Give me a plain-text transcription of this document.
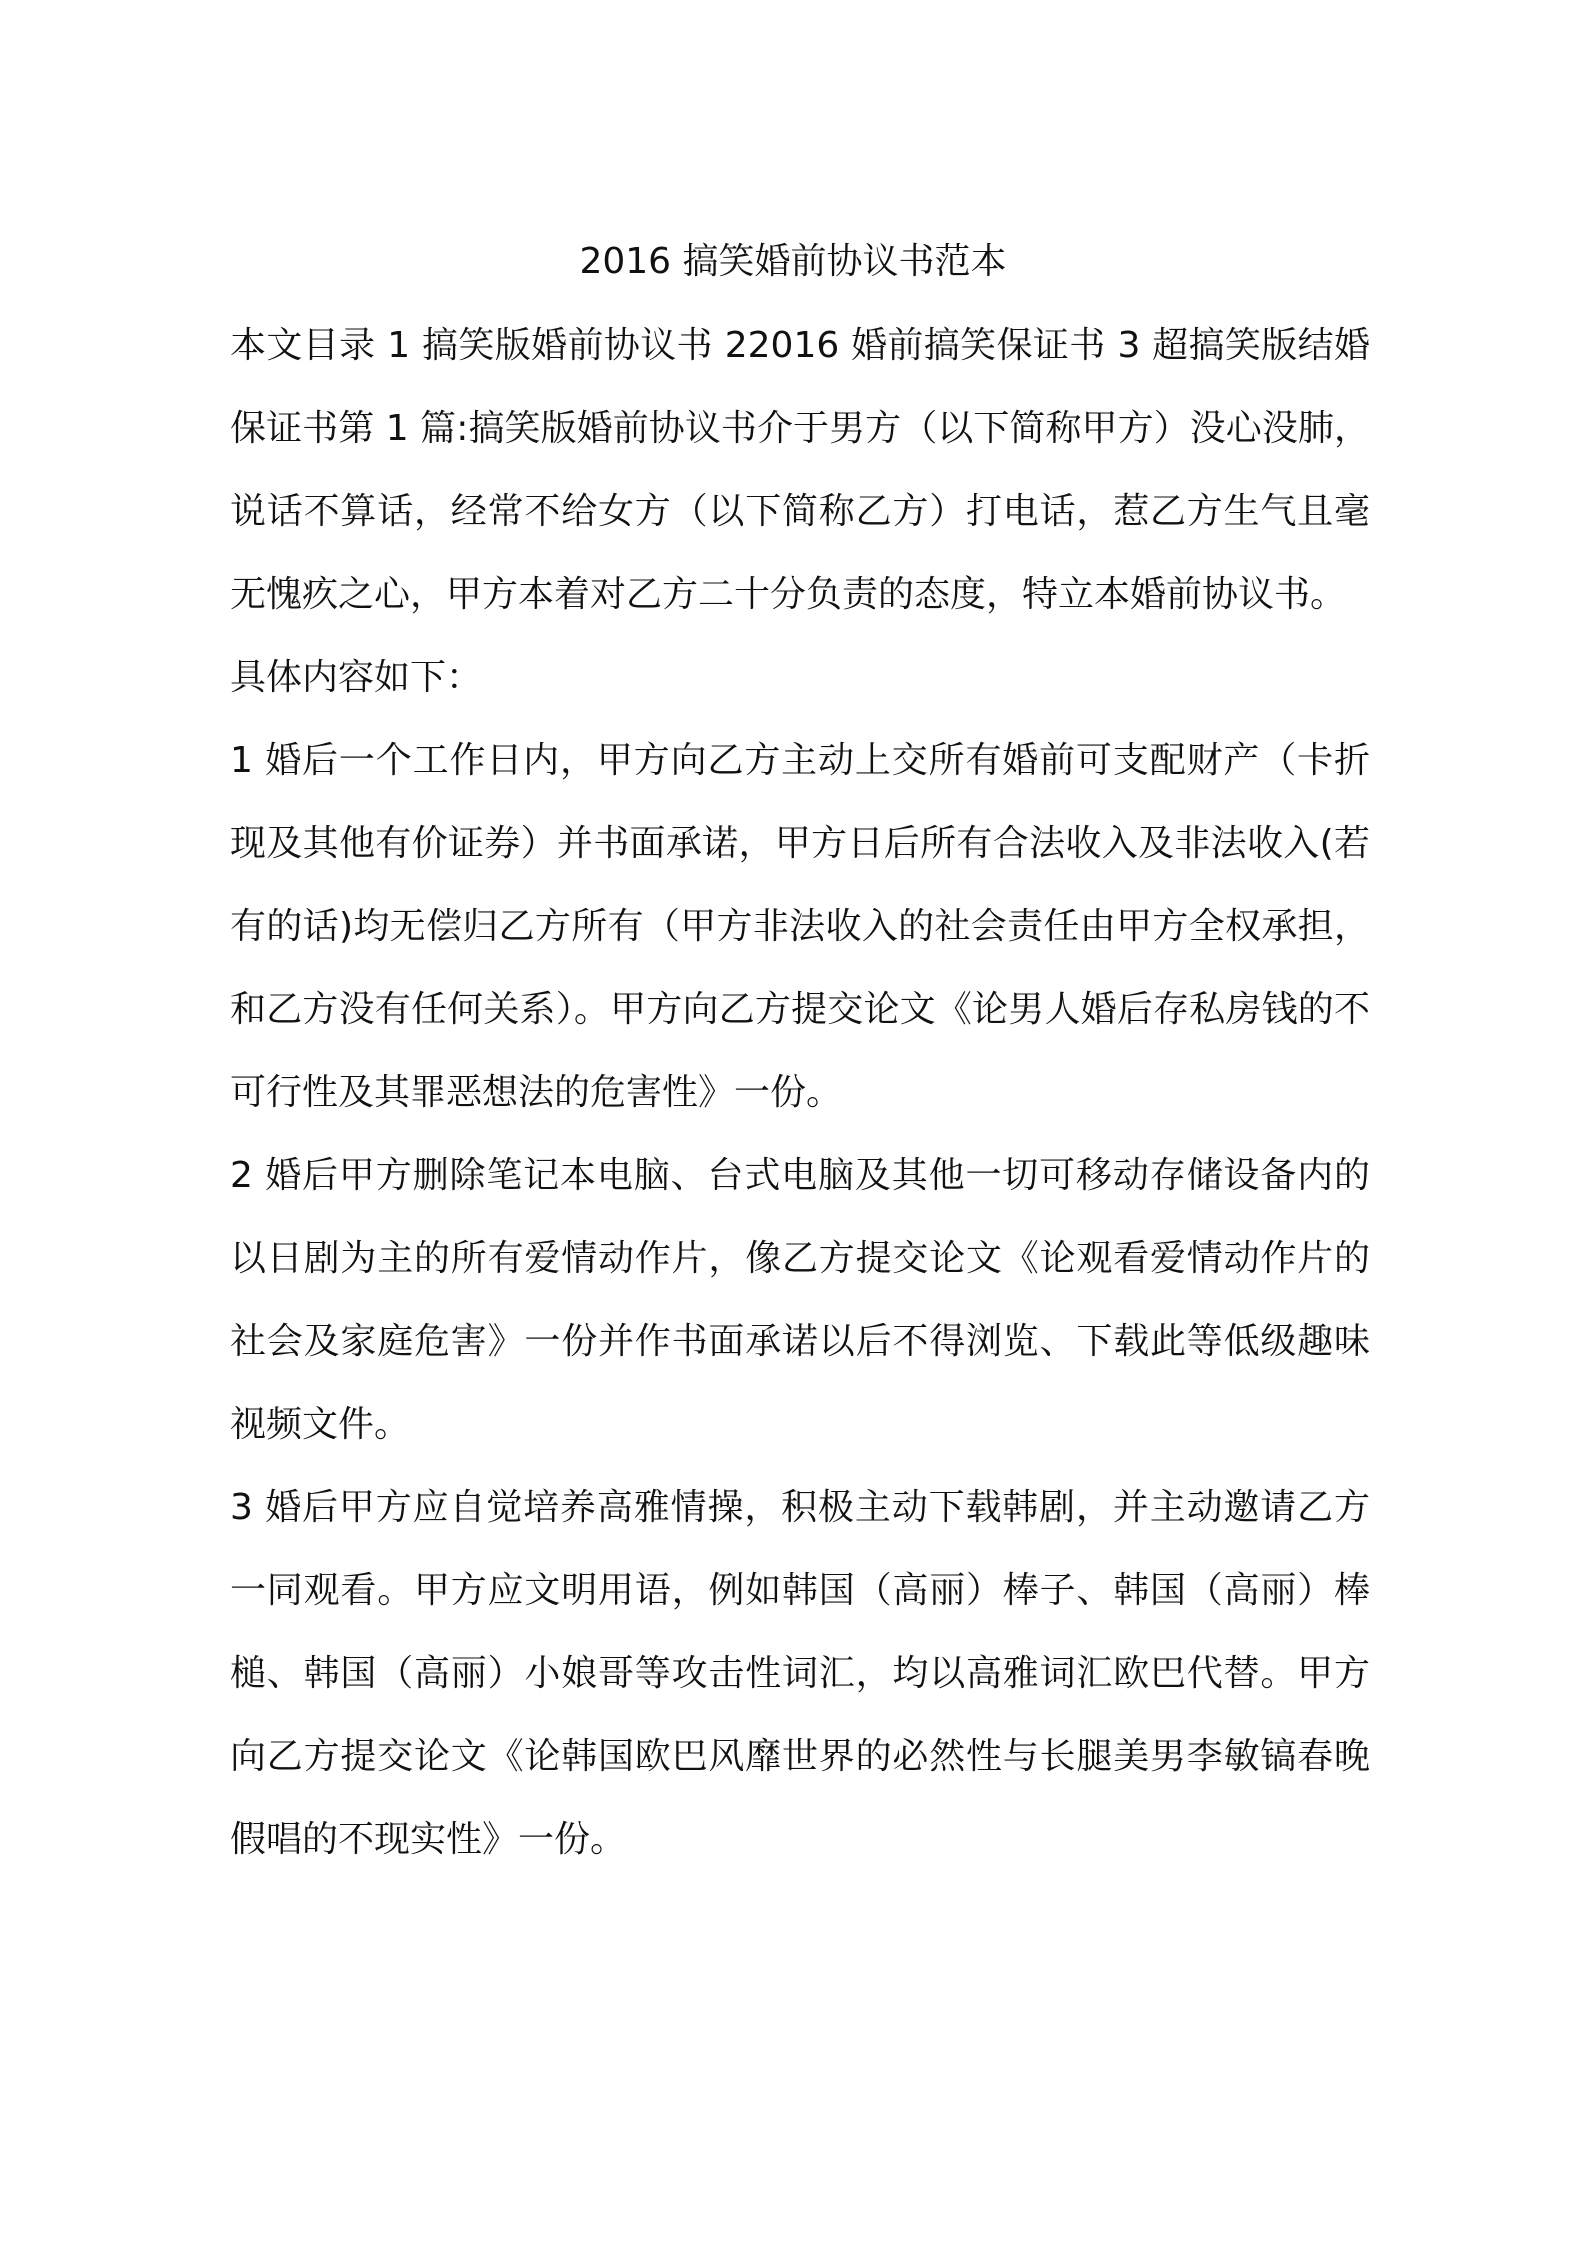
2016 搞笑婚前协议书范本

本文目录 1 搞笑版婚前协议书 22016 婚前搞笑保证书 3 超搞笑版结婚保证书第 1 篇:搞笑版婚前协议书介于男方（以下简称甲方）没心没肺，说话不算话，经常不给女方（以下简称乙方）打电话，惹乙方生气且毫无愧疚之心，甲方本着对乙方二十分负责的态度，特立本婚前协议书。

具体内容如下：

1 婚后一个工作日内，甲方向乙方主动上交所有婚前可支配财产（卡折现及其他有价证券）并书面承诺，甲方日后所有合法收入及非法收入(若有的话)均无偿归乙方所有（甲方非法收入的社会责任由甲方全权承担，和乙方没有任何关系）。甲方向乙方提交论文《论男人婚后存私房钱的不可行性及其罪恶想法的危害性》一份。

2 婚后甲方删除笔记本电脑、台式电脑及其他一切可移动存储设备内的以日剧为主的所有爱情动作片，像乙方提交论文《论观看爱情动作片的社会及家庭危害》一份并作书面承诺以后不得浏览、下载此等低级趣味视频文件。

3 婚后甲方应自觉培养高雅情操，积极主动下载韩剧，并主动邀请乙方一同观看。甲方应文明用语，例如韩国（高丽）棒子、韩国（高丽）棒槌、韩国（高丽）小娘哥等攻击性词汇，均以高雅词汇欧巴代替。甲方向乙方提交论文《论韩国欧巴风靡世界的必然性与长腿美男李敏镐春晚假唱的不现实性》一份。
